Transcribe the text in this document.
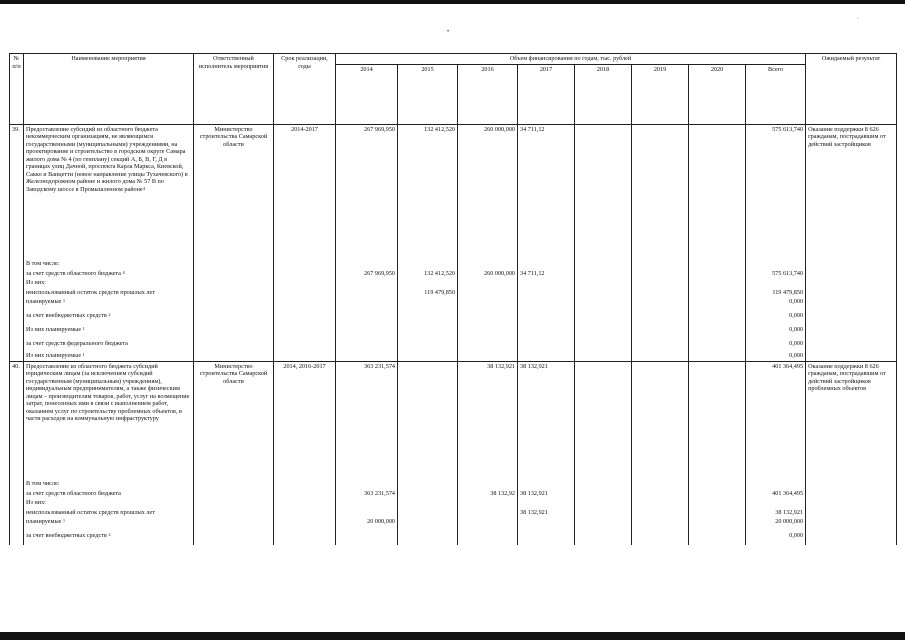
•
·
№ п/п	Наименование мероприятия	Ответственный исполнитель мероприятия	Срок реализации, годы	Объем финансирования по годам, тыс. рублей								Ожидаемый результат
				2014	2015	2016	2017	2018	2019	2020	Всего	
39.	Предоставление субсидий из областного бюджета некоммерческим организациям, не являющимся государственными (муниципальными) учреждениями, на проектирование и строительство в городском округе Самара жилого дома № 4 (по генплану) секций А, Б, В, Г, Д в границах улиц Дачной, проспекта Карла Маркса, Киевской, Сакко и Ванцетти (новое направление улицы Тухачевского) в Железнодорожном районе и жилого дома № 57 В по Заводскому шоссе в Промышленном районе$^4$	Министерство строительства Самарской области	2014-2017	267 969,950	132 412,520	260 000,000	34 711,12				575 613,740	Оказание поддержки 8 626 гражданам, пострадавшим от действий застройщиков
	В том числе:											
	за счет средств областного бюджета $^4$			267 969,950	132 412,520	260 000,000	34 711,12				575 613,740	
	Из них:											
	неиспользованный остаток средств прошлых лет				119 479,850						119 479,850	
	планируемые $^1$										0,000	
	за счет внебюджетных средств $^2$										0,000	
	Из них планируемые $^1$										0,000	
	за счет средств федерального бюджета										0,000	
	Из них планируемые $^1$										0,000	
40.	Предоставление из областного бюджета субсидий юридическим лицам (за исключением субсидий государственным (муниципальным) учреждениям), индивидуальным предпринимателям, а также физическим лицам – производителям товаров, работ, услуг на возмещение затрат, понесенных ими в связи с выполнением работ, оказанием услуг по строительству проблемных объектов, в части расходов на коммунальную инфраструктуру	Министерство строительства Самарской области	2014, 2016-2017	363 231,574		38 132,921	38 132,921				401 364,495	Оказание поддержки 8 626 гражданам, пострадавшим от действий застройщиков проблемных объектов
	В том числе:											
	за счет средств областного бюджета			363 231,574		38 132,92	38 132,921				401 364,495	
	Из них:											
	неиспользованный остаток средств прошлых лет						38 132,921				38 132,921	
	планируемые $^1$			20 000,000							20 000,000	
	за счет внебюджетных средств $^2$										0,000	
